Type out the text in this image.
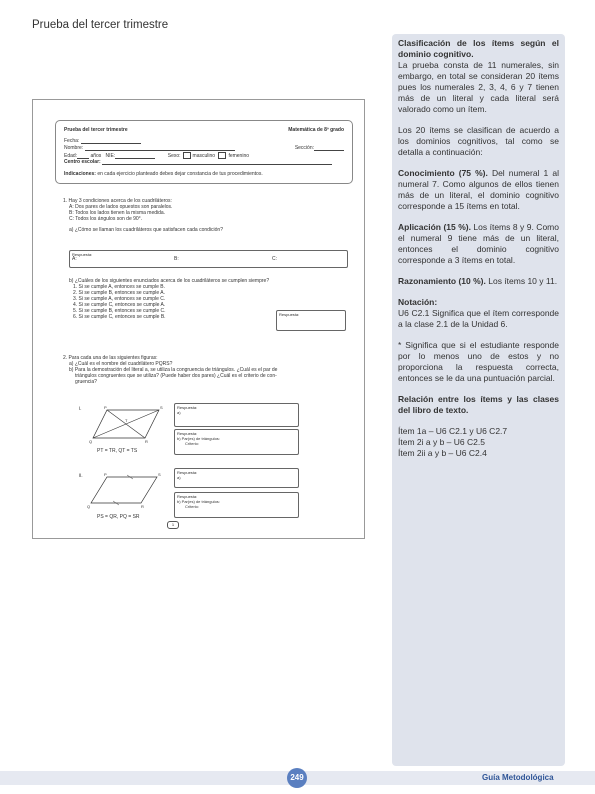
Prueba del tercer trimestre
Prueba del tercer trimestre	Matemática de 8º grado
Fecha:
Nombre:	Sección:
Edad:	años NIE:	Sexo: masculino	femenino
Centro escolar:
Indicaciones: en cada ejercicio planteado debes dejar constancia de tus procedimientos.
1. Hay 3 condiciones acerca de los cuadriláteros:
A: Dos pares de lados opuestos son paralelos.
B: Todos los lados tienen la misma medida.
C: Todos los ángulos son de 90°.
a) ¿Cómo se llaman los cuadriláteros que satisfacen cada condición?
Respuesta:
A:	B:	C:
b) ¿Cuáles de los siguientes enunciados acerca de los cuadriláteros se cumplen siempre?
1. Si se cumple A, entonces se cumple B.
2. Si se cumple B, entonces se cumple A.
3. Si se cumple A, entonces se cumple C.
4. Si se cumple C, entonces se cumple A.
5. Si se cumple B, entonces se cumple C.
6. Si se cumple C, entonces se cumple B.	Respuesta:
2. Para cada una de las siguientes figuras:
a) ¿Cuál es el nombre del cuadrilátero PQRS?
b) Para la demostración del literal a, se utiliza la congruencia de triángulos. ¿Cuál es el par de
triángulos congruentes que se utiliza? (Puede haber dos pares) ¿Cuál es el criterio de con-
gruencia?
i.	P	S
Q	R
T
PT = TR, QT = TS
Respuesta:
a)
Respuesta:
b) Par(es) de triángulos:
Criterio:
ii.	P	S
Q	R
PS = QR, PQ = SR
Respuesta:
a)
Respuesta:
b) Par(es) de triángulos:
Criterio:
1

Clasificación de los ítems según el dominio cognitivo.
La prueba consta de 11 numerales, sin embargo, en total se consideran 20 ítems pues los numerales 2, 3, 4, 6 y 7 tienen más de un literal y cada literal será valorado como un ítem.

Los 20 ítems se clasifican de acuerdo a los dominios cognitivos, tal como se detalla a continuación:

Conocimiento (75 %). Del numeral 1 al numeral 7. Como algunos de ellos tienen más de un literal, el dominio cognitivo corresponde a 15 ítems en total.

Aplicación (15 %). Los ítems 8 y 9. Como el numeral 9 tiene más de un literal, entonces el dominio cognitivo corresponde a 3 ítems en total.

Razonamiento (10 %). Los ítems 10 y 11.

Notación:
U6 C2.1 Significa que el ítem corresponde a la clase 2.1 de la Unidad 6.

* Significa que si el estudiante responde por lo menos uno de estos y no proporciona la respuesta correcta, entonces se le da una puntuación parcial.

Relación entre los ítems y las clases del libro de texto.

Ítem 1a – U6 C2.1 y U6 C2.7

Ítem 2i a y b – U6 C2.5

Ítem 2ii a y b – U6 C2.4

249	Guía Metodológica
